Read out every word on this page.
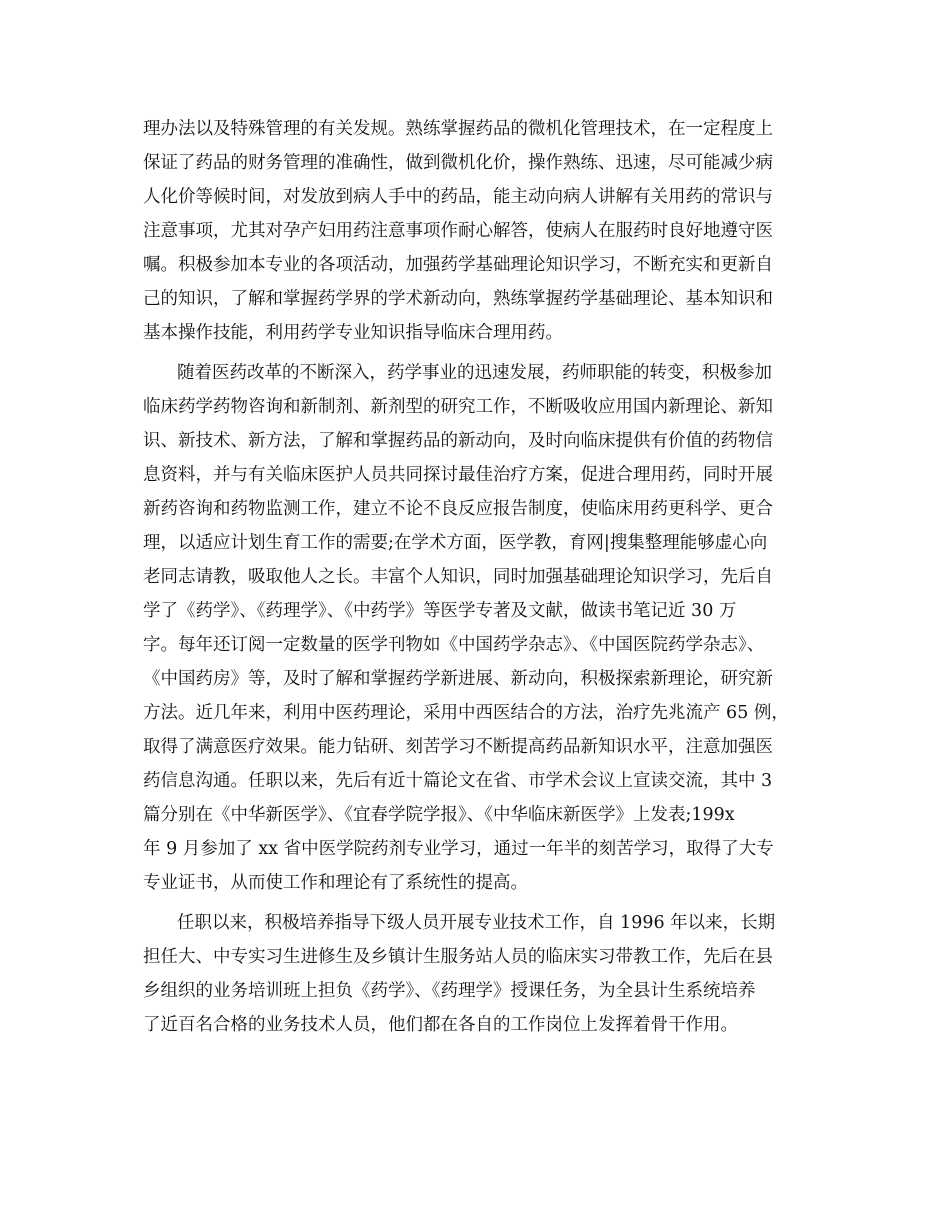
理办法以及特殊管理的有关发规。熟练掌握药品的微机化管理技术，在一定程度上
保证了药品的财务管理的准确性，做到微机化价，操作熟练、迅速，尽可能减少病
人化价等候时间，对发放到病人手中的药品，能主动向病人讲解有关用药的常识与
注意事项，尤其对孕产妇用药注意事项作耐心解答，使病人在服药时良好地遵守医
嘱。积极参加本专业的各项活动，加强药学基础理论知识学习，不断充实和更新自
己的知识，了解和掌握药学界的学术新动向，熟练掌握药学基础理论、基本知识和
基本操作技能，利用药学专业知识指导临床合理用药。
随着医药改革的不断深入，药学事业的迅速发展，药师职能的转变，积极参加
临床药学药物咨询和新制剂、新剂型的研究工作，不断吸收应用国内新理论、新知
识、新技术、新方法，了解和掌握药品的新动向，及时向临床提供有价值的药物信
息资料，并与有关临床医护人员共同探讨最佳治疗方案，促进合理用药，同时开展
新药咨询和药物监测工作，建立不论不良反应报告制度，使临床用药更科学、更合
理，以适应计划生育工作的需要;在学术方面，医学教，育网|搜集整理能够虚心向
老同志请教，吸取他人之长。丰富个人知识，同时加强基础理论知识学习，先后自
学了《药学》、《药理学》、《中药学》等医学专著及文献，做读书笔记近 30 万
字。每年还订阅一定数量的医学刊物如《中国药学杂志》、《中国医院药学杂志》、
《中国药房》等，及时了解和掌握药学新进展、新动向，积极探索新理论，研究新
方法。近几年来，利用中医药理论，采用中西医结合的方法，治疗先兆流产 65 例，
取得了满意医疗效果。能力钻研、刻苦学习不断提高药品新知识水平，注意加强医
药信息沟通。任职以来，先后有近十篇论文在省、市学术会议上宣读交流，其中 3
篇分别在《中华新医学》、《宜春学院学报》、《中华临床新医学》上发表;199x
年 9 月参加了 xx 省中医学院药剂专业学习，通过一年半的刻苦学习，取得了大专
专业证书，从而使工作和理论有了系统性的提高。
任职以来，积极培养指导下级人员开展专业技术工作，自 1996 年以来，长期
担任大、中专实习生进修生及乡镇计生服务站人员的临床实习带教工作，先后在县
乡组织的业务培训班上担负《药学》、《药理学》授课任务，为全县计生系统培养
了近百名合格的业务技术人员，他们都在各自的工作岗位上发挥着骨干作用。
